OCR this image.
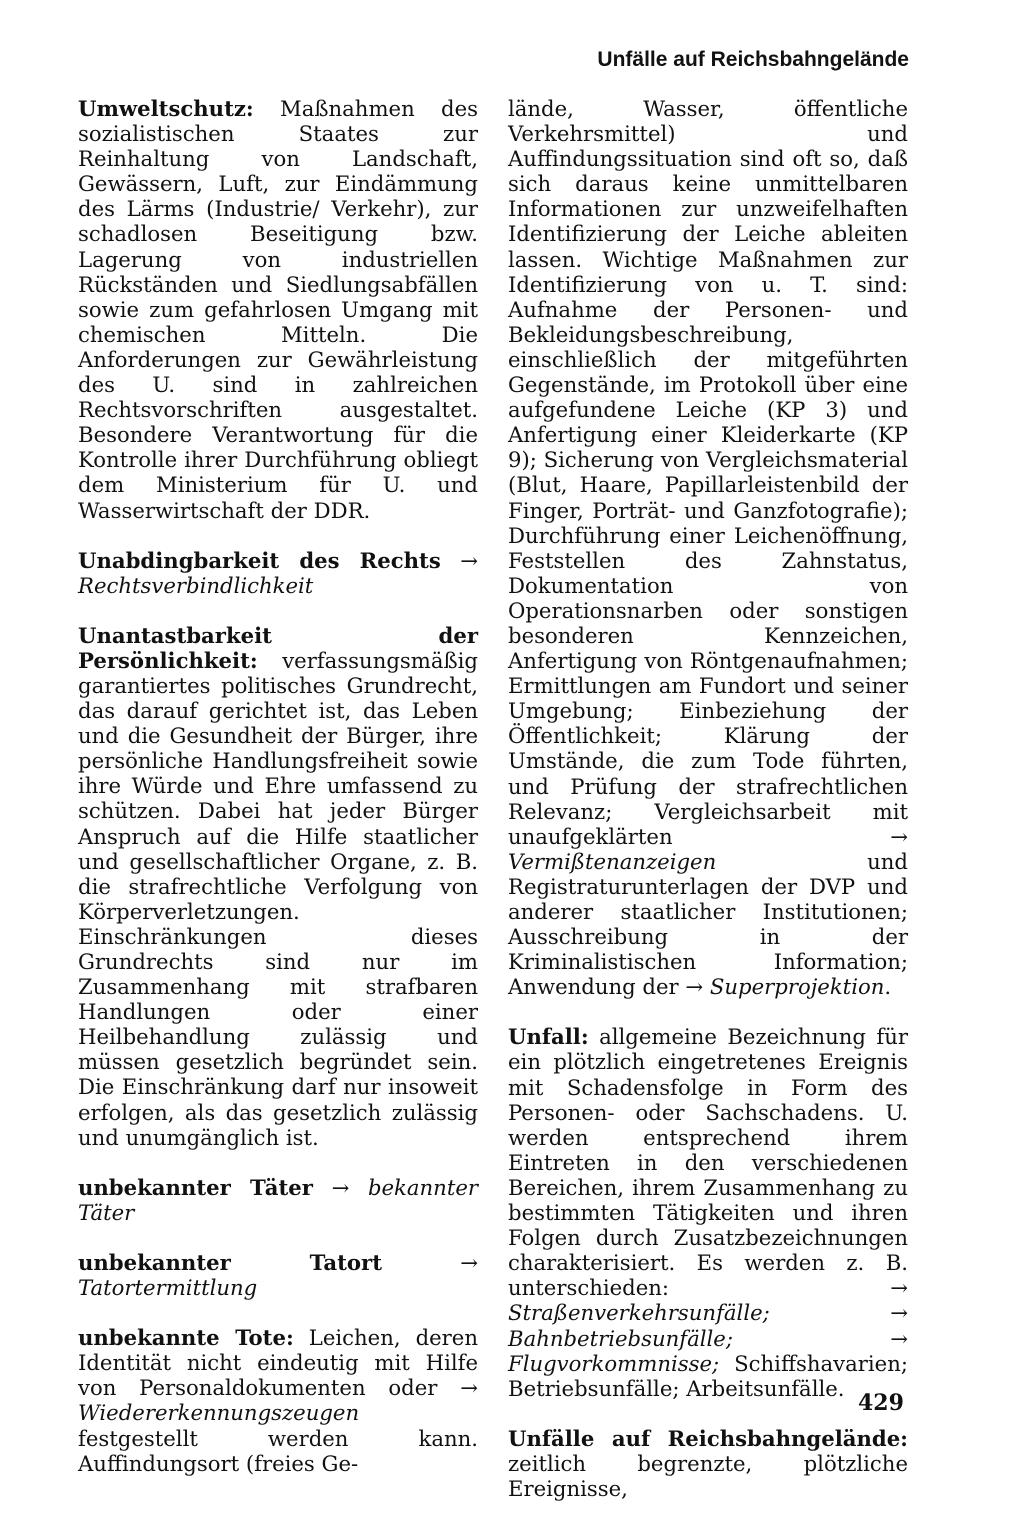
Unfälle auf Reichsbahngelände

Umweltschutz: Maßnahmen des sozialistischen Staates zur Reinhaltung von Landschaft, Gewässern, Luft, zur Eindämmung des Lärms (Industrie/ Verkehr), zur schadlosen Beseitigung bzw. Lagerung von industriellen Rückständen und Siedlungsabfällen sowie zum gefahrlosen Umgang mit chemischen Mitteln. Die Anforderungen zur Gewährleistung des U. sind in zahlreichen Rechtsvorschriften ausgestaltet. Besondere Verantwortung für die Kontrolle ihrer Durchführung obliegt dem Ministerium für U. und Wasserwirtschaft der DDR.

Unabdingbarkeit des Rechts → Rechtsverbindlichkeit

Unantastbarkeit der Persönlichkeit: verfassungsmäßig garantiertes politisches Grundrecht, das darauf gerichtet ist, das Leben und die Gesundheit der Bürger, ihre persönliche Handlungsfreiheit sowie ihre Würde und Ehre umfassend zu schützen. Dabei hat jeder Bürger Anspruch auf die Hilfe staatlicher und gesellschaftlicher Organe, z. B. die strafrechtliche Verfolgung von Körperverletzungen. Einschränkungen dieses Grundrechts sind nur im Zusammenhang mit strafbaren Handlungen oder einer Heilbehandlung zulässig und müssen gesetzlich begründet sein. Die Einschränkung darf nur insoweit erfolgen, als das gesetzlich zulässig und unumgänglich ist.

unbekannter Täter → bekannter Täter

unbekannter Tatort → Tatortermittlung

unbekannte Tote: Leichen, deren Identität nicht eindeutig mit Hilfe von Personaldokumenten oder → Wiedererkennungszeugen festgestellt werden kann. Auffindungsort (freies Ge-

lände, Wasser, öffentliche Verkehrsmittel) und Auffindungssituation sind oft so, daß sich daraus keine unmittelbaren Informationen zur unzweifelhaften Identifizierung der Leiche ableiten lassen. Wichtige Maßnahmen zur Identifizierung von u. T. sind: Aufnahme der Personen- und Bekleidungsbeschreibung, einschließlich der mitgeführten Gegenstände, im Protokoll über eine aufgefundene Leiche (KP 3) und Anfertigung einer Kleiderkarte (KP 9); Sicherung von Vergleichsmaterial (Blut, Haare, Papillarleistenbild der Finger, Porträt- und Ganzfotografie); Durchführung einer Leichenöffnung, Feststellen des Zahnstatus, Dokumentation von Operationsnarben oder sonstigen besonderen Kennzeichen, Anfertigung von Röntgenaufnahmen; Ermittlungen am Fundort und seiner Umgebung; Einbeziehung der Öffentlichkeit; Klärung der Umstände, die zum Tode führten, und Prüfung der strafrechtlichen Relevanz; Vergleichsarbeit mit unaufgeklärten → Vermißtenanzeigen und Registraturunterlagen der DVP und anderer staatlicher Institutionen; Ausschreibung in der Kriminalistischen Information; Anwendung der → Superprojektion.

Unfall: allgemeine Bezeichnung für ein plötzlich eingetretenes Ereignis mit Schadensfolge in Form des Personen- oder Sachschadens. U. werden entsprechend ihrem Eintreten in den verschiedenen Bereichen, ihrem Zusammenhang zu bestimmten Tätigkeiten und ihren Folgen durch Zusatzbezeichnungen charakterisiert. Es werden z. B. unterschieden: → Straßenverkehrsunfälle;	→ Bahnbetriebsunfälle;	→ Flugvorkommnisse; Schiffshavarien; Betriebsunfälle; Arbeitsunfälle.

Unfälle auf Reichsbahngelände: zeitlich begrenzte, plötzliche Ereignisse,

429
